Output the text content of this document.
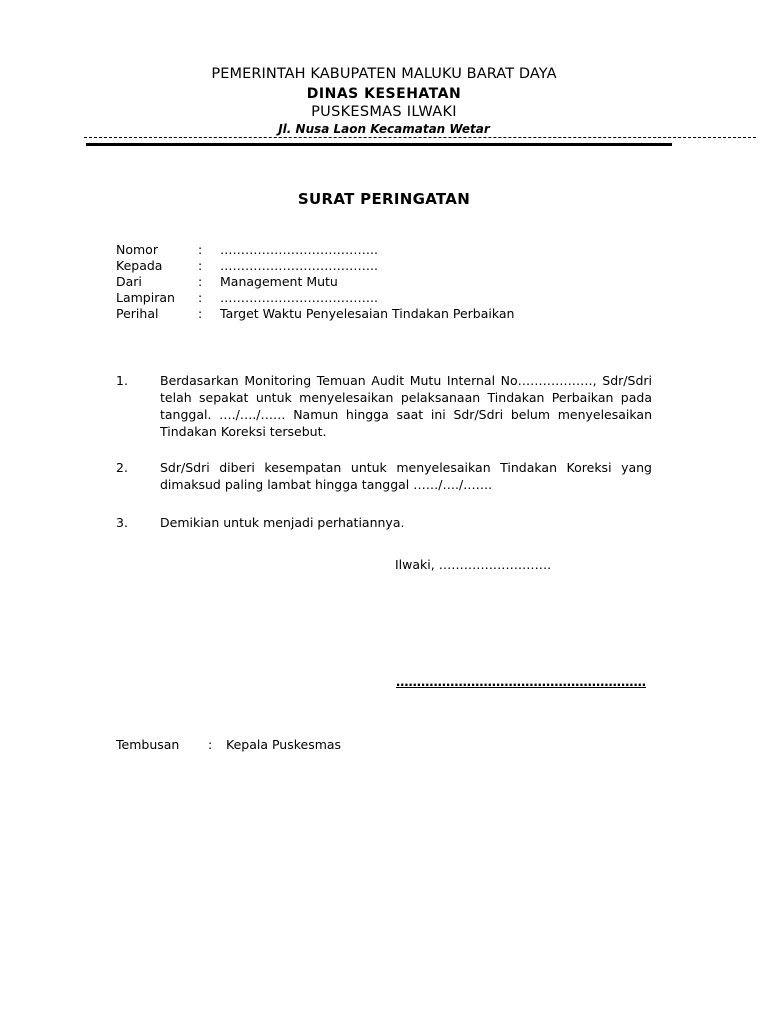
PEMERINTAH KABUPATEN MALUKU BARAT DAYA
DINAS KESEHATAN
PUSKESMAS ILWAKI
Jl. Nusa Laon Kecamatan Wetar
SURAT PERINGATAN
Nomor	: ………………………………..
Kepada	: ………………………………..
Dari	: Management Mutu
Lampiran : ………………………………..
Perihal	: Target Waktu Penyelesaian Tindakan Perbaikan
1.	Berdasarkan Monitoring Temuan Audit Mutu Internal No………………, Sdr/Sdri telah sepakat untuk menyelesaikan pelaksanaan Tindakan Perbaikan pada tanggal. …./…./…… Namun hingga saat ini Sdr/Sdri belum menyelesaikan Tindakan Koreksi tersebut.
2.	Sdr/Sdri diberi kesempatan untuk menyelesaikan Tindakan Koreksi yang dimaksud paling lambat hingga tanggal ……/…./…….
3.	Demikian untuk menjadi perhatiannya.
Ilwaki, ………………………
……………………………………………………
Tembusan : Kepala Puskesmas
